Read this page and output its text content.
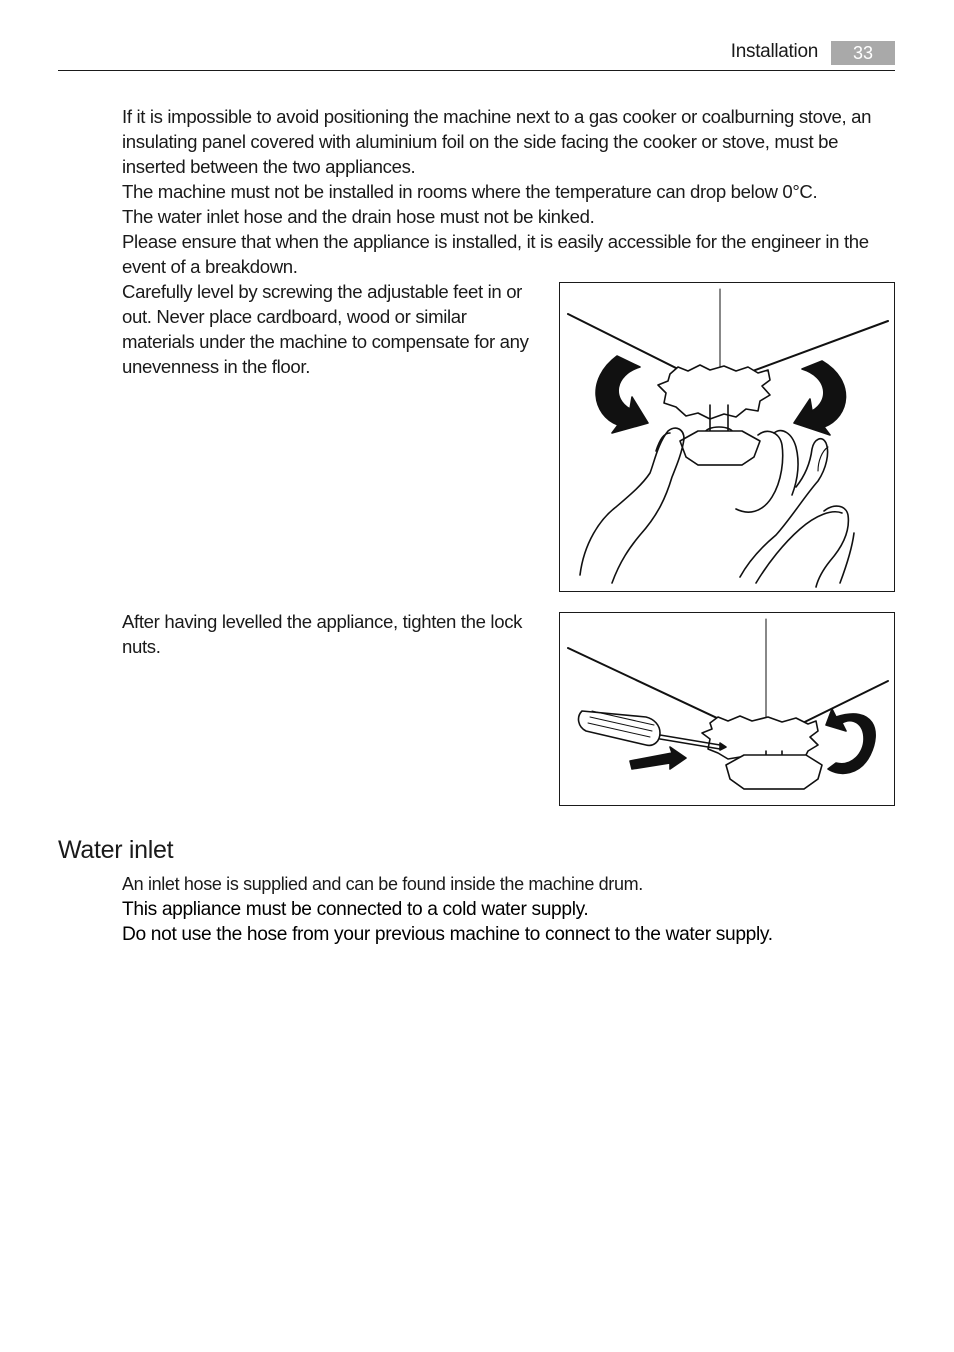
Installation	33

If it is impossible to avoid positioning the machine next to a gas cooker or coalburning stove, an insulating panel covered with aluminium foil on the side facing the cooker or stove, must be inserted between the two appliances.

The machine must not be installed in rooms where the temperature can drop below 0°C.

The water inlet hose and the drain hose must not be kinked.

Please ensure that when the appliance is installed, it is easily accessible for the engineer in the event of a breakdown.

Carefully level by screwing the adjustable feet in or out. Never place cardboard, wood or similar materials under the machine to compensate for any unevenness in the floor.

After having levelled the appliance, tighten the lock nuts.

Water inlet

An inlet hose is supplied and can be found inside the machine drum.

This appliance must be connected to a cold water supply.

Do not use the hose from your previous machine to connect to the water supply.
